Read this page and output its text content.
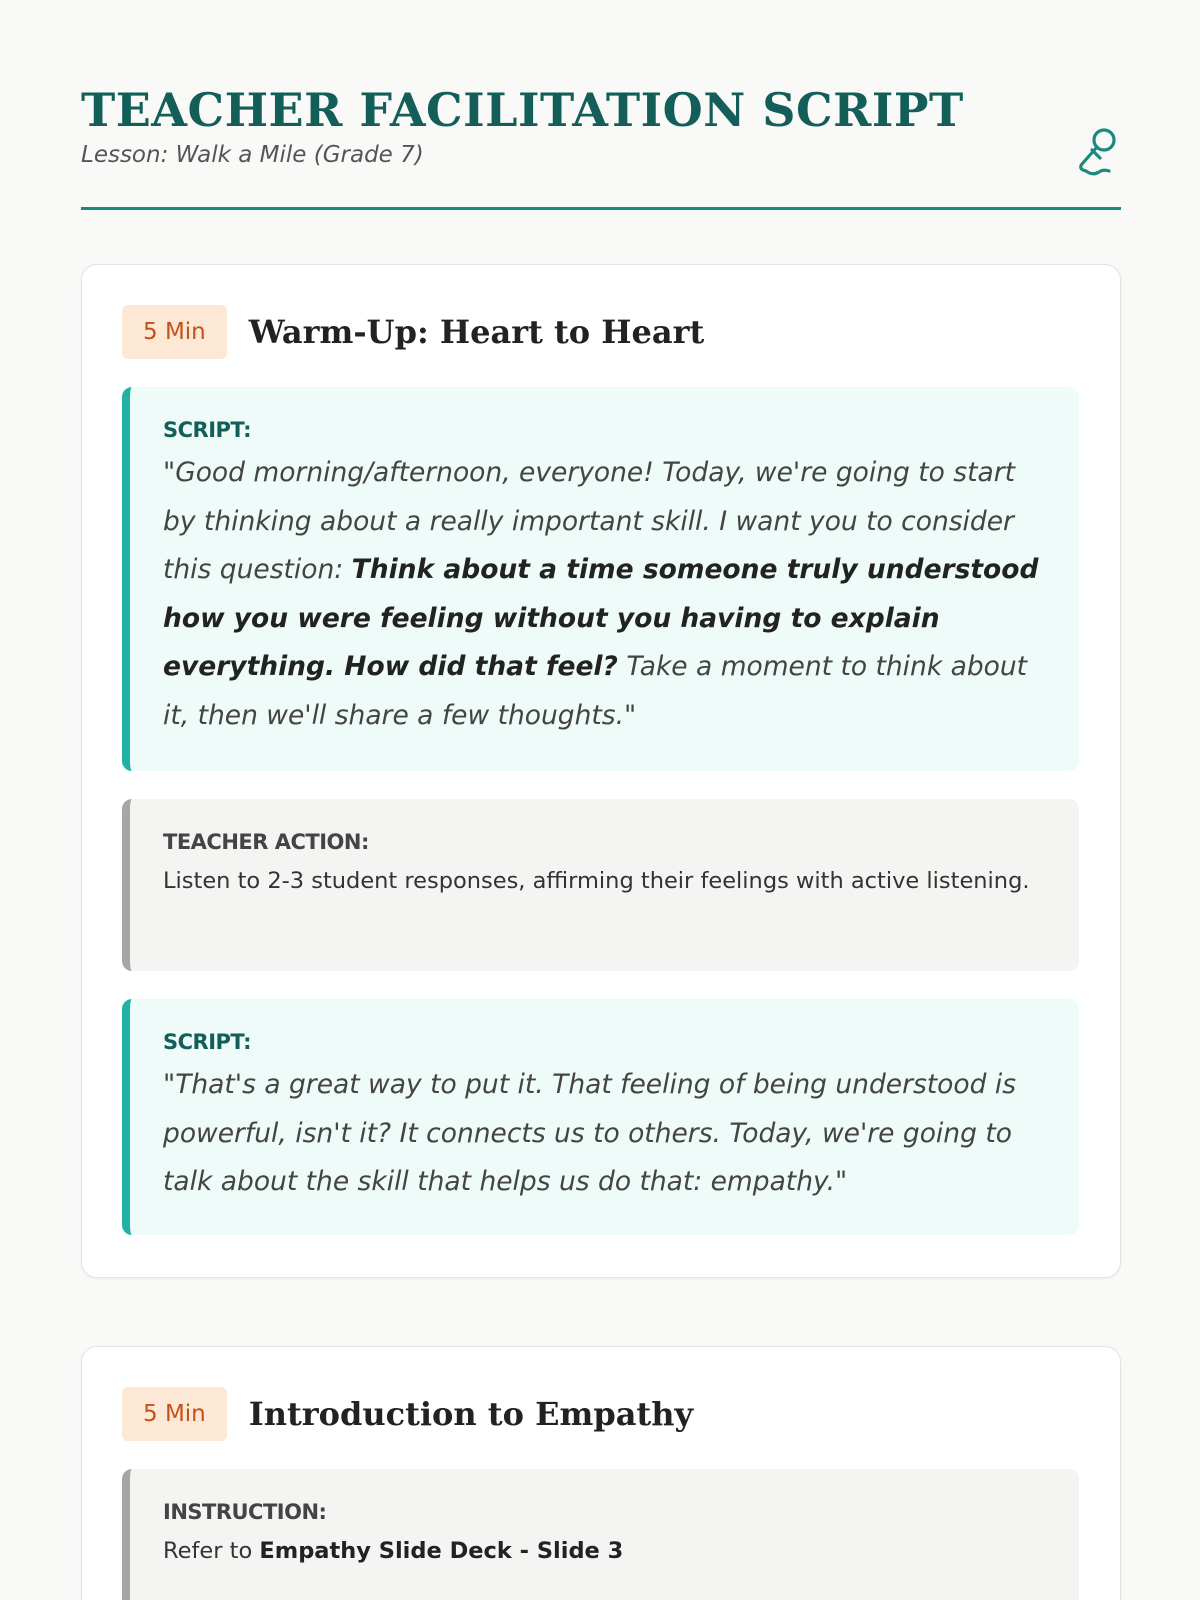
TEACHER FACILITATION SCRIPT

Lesson: Walk a Mile (Grade 7)

5 Min	Warm-Up: Heart to Heart
SCRIPT:

"Good morning/afternoon, everyone! Today, we're going to start by thinking about a really important skill. I want you to consider this question: Think about a time someone truly understood how you were feeling without you having to explain everything. How did that feel? Take a moment to think about it, then we'll share a few thoughts."

TEACHER ACTION:

Listen to 2-3 student responses, affirming their feelings with active listening.

SCRIPT:

"That's a great way to put it. That feeling of being understood is powerful, isn't it? It connects us to others. Today, we're going to talk about the skill that helps us do that: empathy."

5 Min	Introduction to Empathy
INSTRUCTION:

Refer to Empathy Slide Deck - Slide 3
